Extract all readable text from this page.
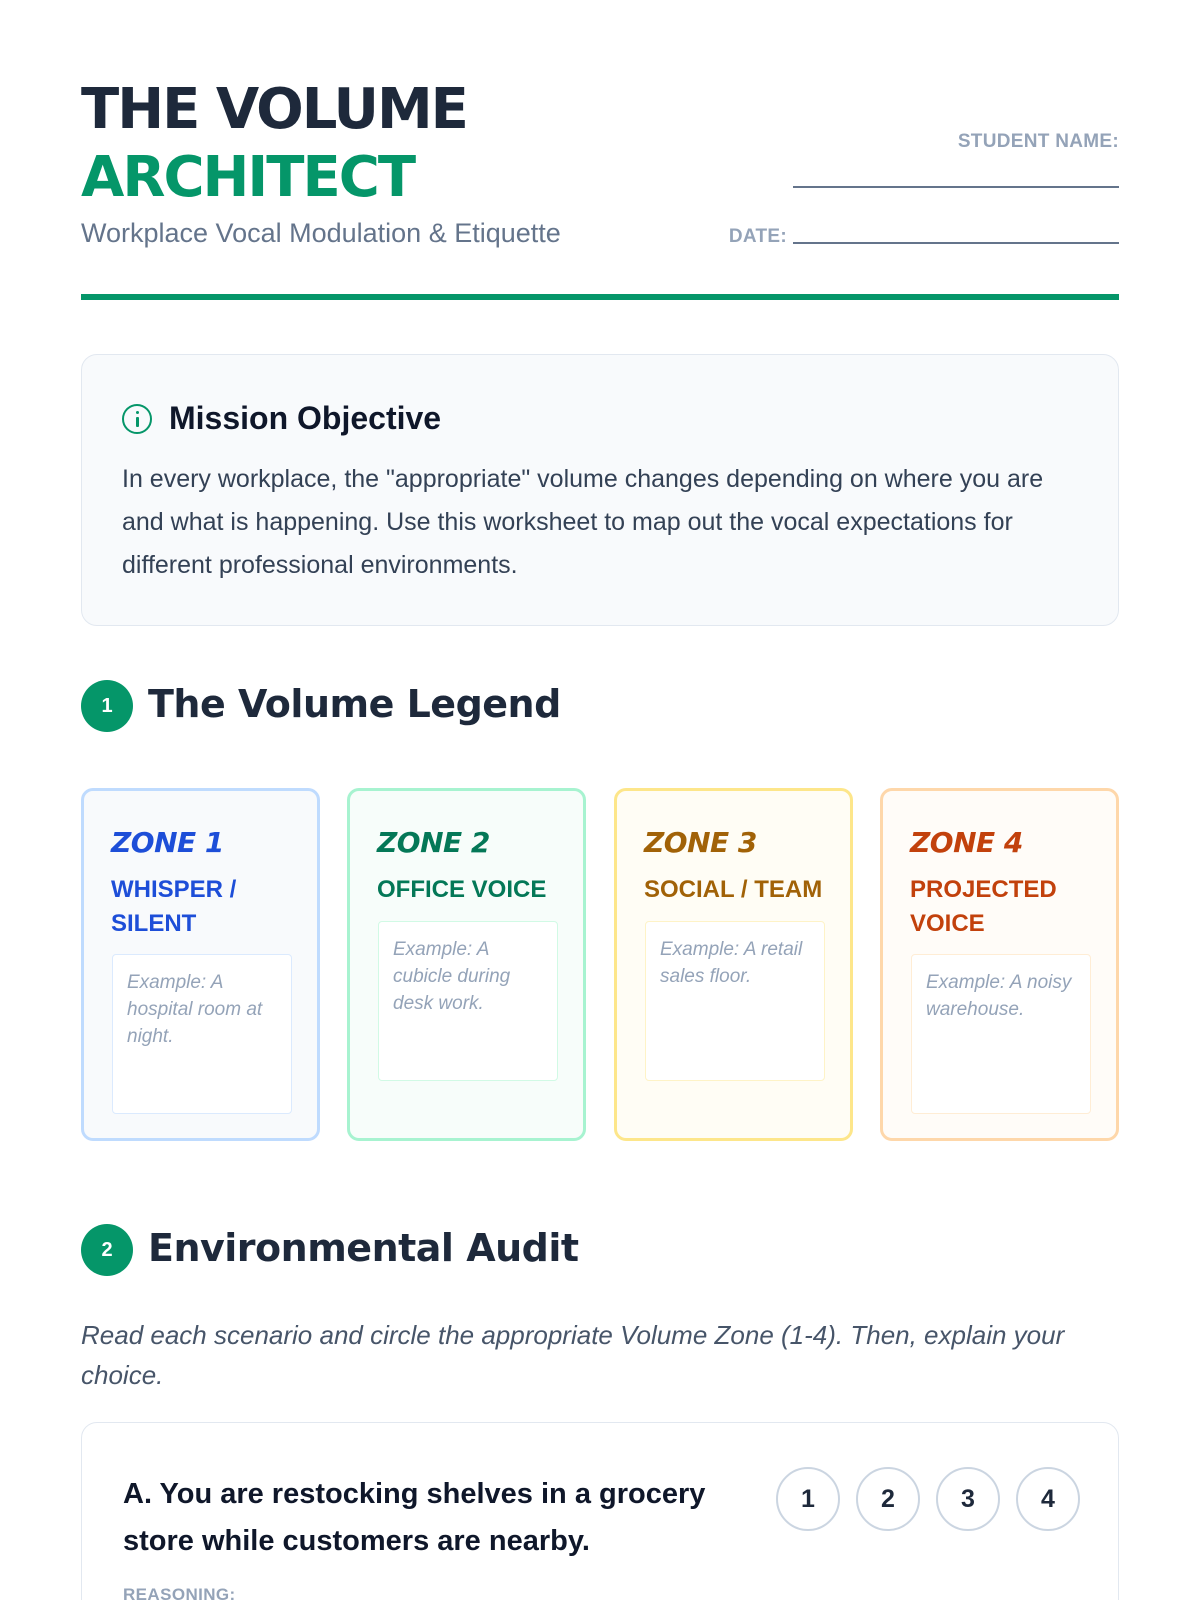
THE VOLUME
ARCHITECT
Workplace Vocal Modulation & Etiquette
STUDENT NAME:
DATE:
Mission Objective
In every workplace, the "appropriate" volume changes depending on where you are and what is happening. Use this worksheet to map out the vocal expectations for different professional environments.
1 The Volume Legend
ZONE 1
WHISPER / SILENT
Example: A hospital room at night.
ZONE 2
OFFICE VOICE
Example: A cubicle during desk work.
ZONE 3
SOCIAL / TEAM
Example: A retail sales floor.
ZONE 4
PROJECTED VOICE
Example: A noisy warehouse.
2 Environmental Audit
Read each scenario and circle the appropriate Volume Zone (1-4). Then, explain your choice.
A. You are restocking shelves in a grocery store while customers are nearby.
1	2	3	4
REASONING:
